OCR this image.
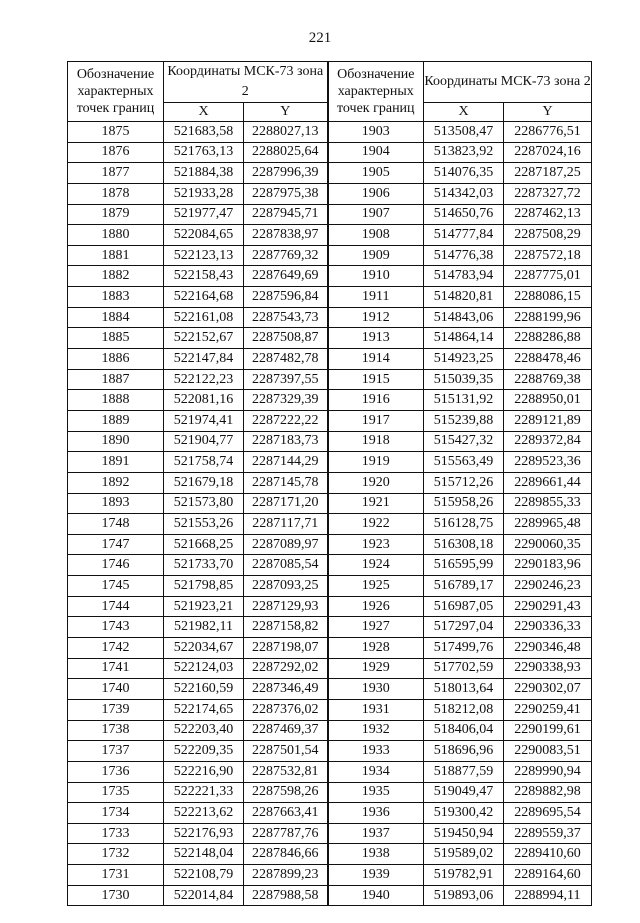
221
Обозначение характерных точек границ	Координаты МСК-73 зона 2		Обозначение характерных точек границ	Координаты МСК-73 зона 2	
	X	Y		X	Y
1875	521683,58	2288027,13	1903	513508,47	2286776,51
1876	521763,13	2288025,64	1904	513823,92	2287024,16
1877	521884,38	2287996,39	1905	514076,35	2287187,25
1878	521933,28	2287975,38	1906	514342,03	2287327,72
1879	521977,47	2287945,71	1907	514650,76	2287462,13
1880	522084,65	2287838,97	1908	514777,84	2287508,29
1881	522123,13	2287769,32	1909	514776,38	2287572,18
1882	522158,43	2287649,69	1910	514783,94	2287775,01
1883	522164,68	2287596,84	1911	514820,81	2288086,15
1884	522161,08	2287543,73	1912	514843,06	2288199,96
1885	522152,67	2287508,87	1913	514864,14	2288286,88
1886	522147,84	2287482,78	1914	514923,25	2288478,46
1887	522122,23	2287397,55	1915	515039,35	2288769,38
1888	522081,16	2287329,39	1916	515131,92	2288950,01
1889	521974,41	2287222,22	1917	515239,88	2289121,89
1890	521904,77	2287183,73	1918	515427,32	2289372,84
1891	521758,74	2287144,29	1919	515563,49	2289523,36
1892	521679,18	2287145,78	1920	515712,26	2289661,44
1893	521573,80	2287171,20	1921	515958,26	2289855,33
1748	521553,26	2287117,71	1922	516128,75	2289965,48
1747	521668,25	2287089,97	1923	516308,18	2290060,35
1746	521733,70	2287085,54	1924	516595,99	2290183,96
1745	521798,85	2287093,25	1925	516789,17	2290246,23
1744	521923,21	2287129,93	1926	516987,05	2290291,43
1743	521982,11	2287158,82	1927	517297,04	2290336,33
1742	522034,67	2287198,07	1928	517499,76	2290346,48
1741	522124,03	2287292,02	1929	517702,59	2290338,93
1740	522160,59	2287346,49	1930	518013,64	2290302,07
1739	522174,65	2287376,02	1931	518212,08	2290259,41
1738	522203,40	2287469,37	1932	518406,04	2290199,61
1737	522209,35	2287501,54	1933	518696,96	2290083,51
1736	522216,90	2287532,81	1934	518877,59	2289990,94
1735	522221,33	2287598,26	1935	519049,47	2289882,98
1734	522213,62	2287663,41	1936	519300,42	2289695,54
1733	522176,93	2287787,76	1937	519450,94	2289559,37
1732	522148,04	2287846,66	1938	519589,02	2289410,60
1731	522108,79	2287899,23	1939	519782,91	2289164,60
1730	522014,84	2287988,58	1940	519893,06	2288994,11
